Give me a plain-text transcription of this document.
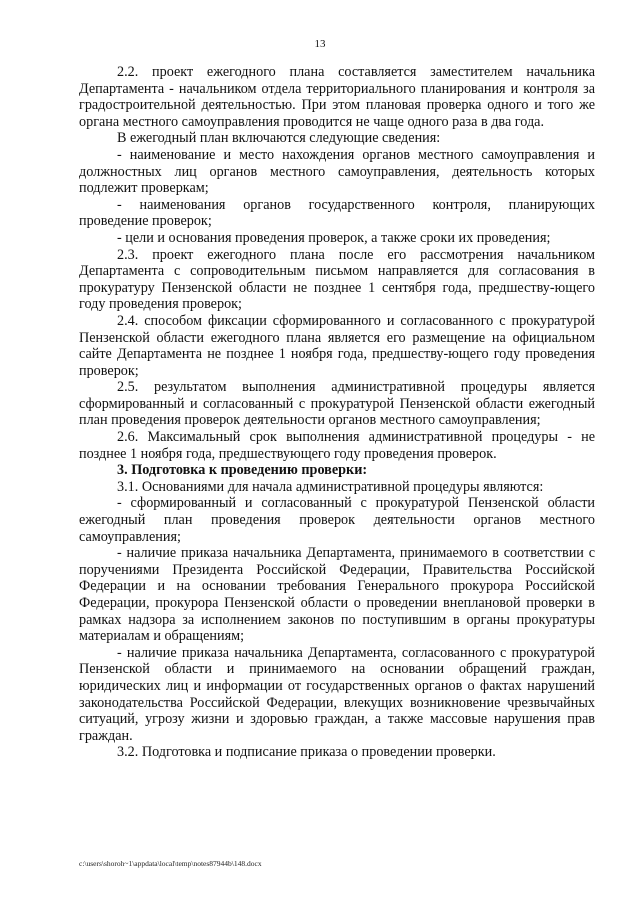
13

2.2. проект ежегодного плана составляется заместителем начальника Департамента - начальником отдела территориального планирования и контроля за градостроительной деятельностью. При этом плановая проверка одного и того же органа местного самоуправления проводится не чаще одного раза в два года.

В ежегодный план включаются следующие сведения:

- наименование и место нахождения органов местного самоуправления и должностных лиц органов местного самоуправления, деятельность которых подлежит проверкам;

- наименования органов государственного контроля, планирующих проведение проверок;

- цели и основания проведения проверок, а также сроки их проведения;

2.3. проект ежегодного плана после его рассмотрения начальником Департамента с сопроводительным письмом направляется для согласования в прокуратуру Пензенской области не позднее 1 сентября года, предшеству-ющего году проведения проверок;

2.4. способом фиксации сформированного и согласованного с прокуратурой Пензенской области ежегодного плана является его размещение на официальном сайте Департамента не позднее 1 ноября года, предшеству-ющего году проведения проверок;

2.5. результатом выполнения административной процедуры является сформированный и согласованный с прокуратурой Пензенской области ежегодный план проведения проверок деятельности органов местного самоуправления;

2.6. Максимальный срок выполнения административной процедуры - не позднее 1 ноября года, предшествующего году проведения проверок.

3. Подготовка к проведению проверки:

3.1. Основаниями для начала административной процедуры являются:

- сформированный и согласованный с прокуратурой Пензенской области ежегодный план проведения проверок деятельности органов местного самоуправления;

- наличие приказа начальника Департамента, принимаемого в соответствии с поручениями Президента Российской Федерации, Правительства Российской Федерации и на основании требования Генерального прокурора Российской Федерации, прокурора Пензенской области о проведении внеплановой проверки в рамках надзора за исполнением законов по поступившим в органы прокуратуры материалам и обращениям;

- наличие приказа начальника Департамента, согласованного с прокуратурой Пензенской области и принимаемого на основании обращений граждан, юридических лиц и информации от государственных органов о фактах нарушений законодательства Российской Федерации, влекущих возникновение чрезвычайных ситуаций, угрозу жизни и здоровью граждан, а также массовые нарушения прав граждан.

3.2. Подготовка и подписание приказа о проведении проверки.

c:\users\shoroh~1\appdata\local\temp\notes87944b\148.docx
